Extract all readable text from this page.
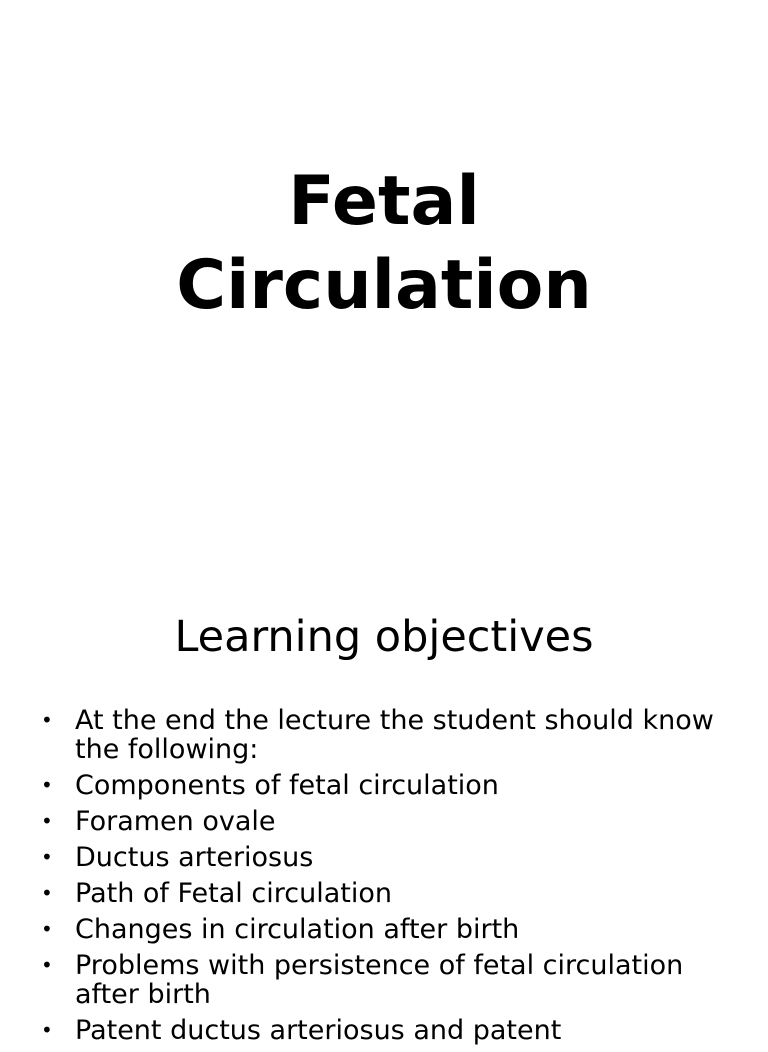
Fetal
Circulation
Learning objectives
• At the end the lecture the student should know the following:
• Components of fetal circulation
• Foramen ovale
• Ductus arteriosus
• Path of Fetal circulation
• Changes in circulation after birth
• Problems with persistence of fetal circulation after birth
• Patent ductus arteriosus and patent
